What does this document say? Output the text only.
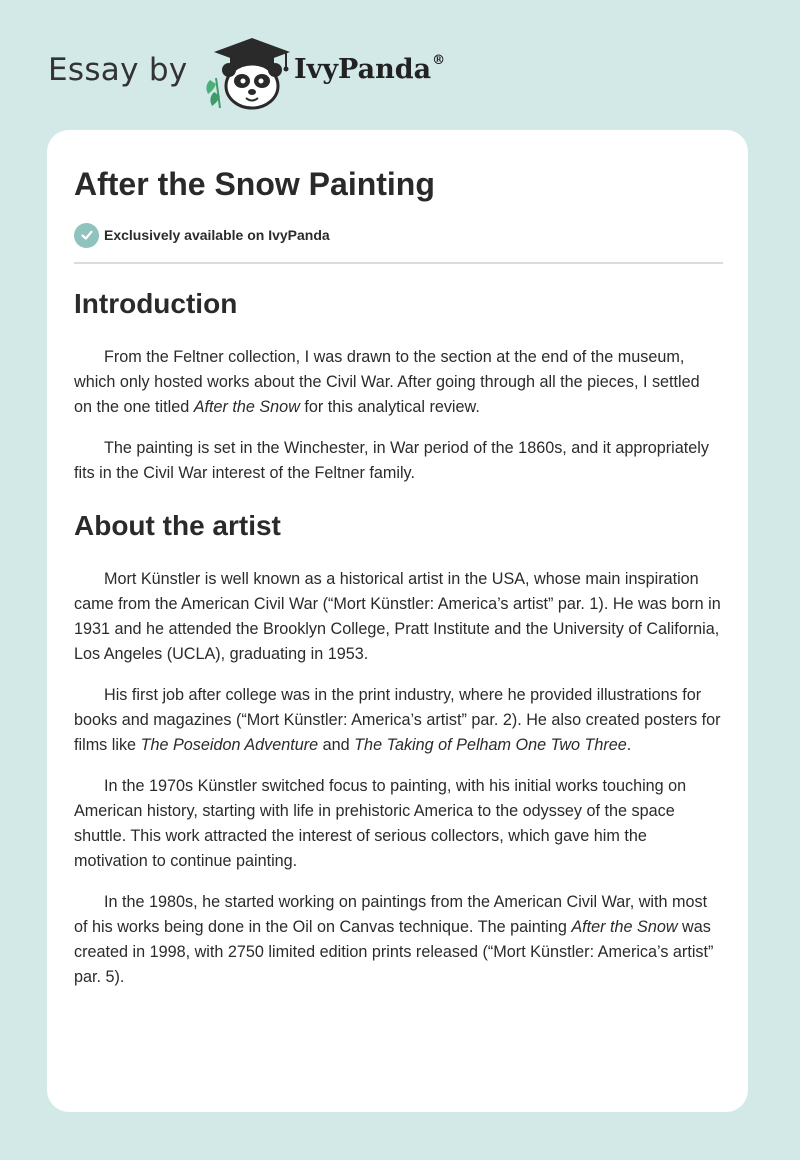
Essay by	IvyPanda®
After the Snow Painting
Exclusively available on IvyPanda
Introduction

From the Feltner collection, I was drawn to the section at the end of the museum, which only hosted works about the Civil War. After going through all the pieces, I settled on the one titled After the Snow for this analytical review.

The painting is set in the Winchester, in War period of the 1860s, and it appropriately fits in the Civil War interest of the Feltner family.

About the artist

Mort Künstler is well known as a historical artist in the USA, whose main inspiration came from the American Civil War (“Mort Künstler: America’s artist” par. 1). He was born in 1931 and he attended the Brooklyn College, Pratt Institute and the University of California, Los Angeles (UCLA), graduating in 1953.

His first job after college was in the print industry, where he provided illustrations for books and magazines (“Mort Künstler: America’s artist” par. 2). He also created posters for films like The Poseidon Adventure and The Taking of Pelham One Two Three.

In the 1970s Künstler switched focus to painting, with his initial works touching on American history, starting with life in prehistoric America to the odyssey of the space shuttle. This work attracted the interest of serious collectors, which gave him the motivation to continue painting.

In the 1980s, he started working on paintings from the American Civil War, with most of his works being done in the Oil on Canvas technique. The painting After the Snow was created in 1998, with 2750 limited edition prints released (“Mort Künstler: America’s artist” par. 5).
